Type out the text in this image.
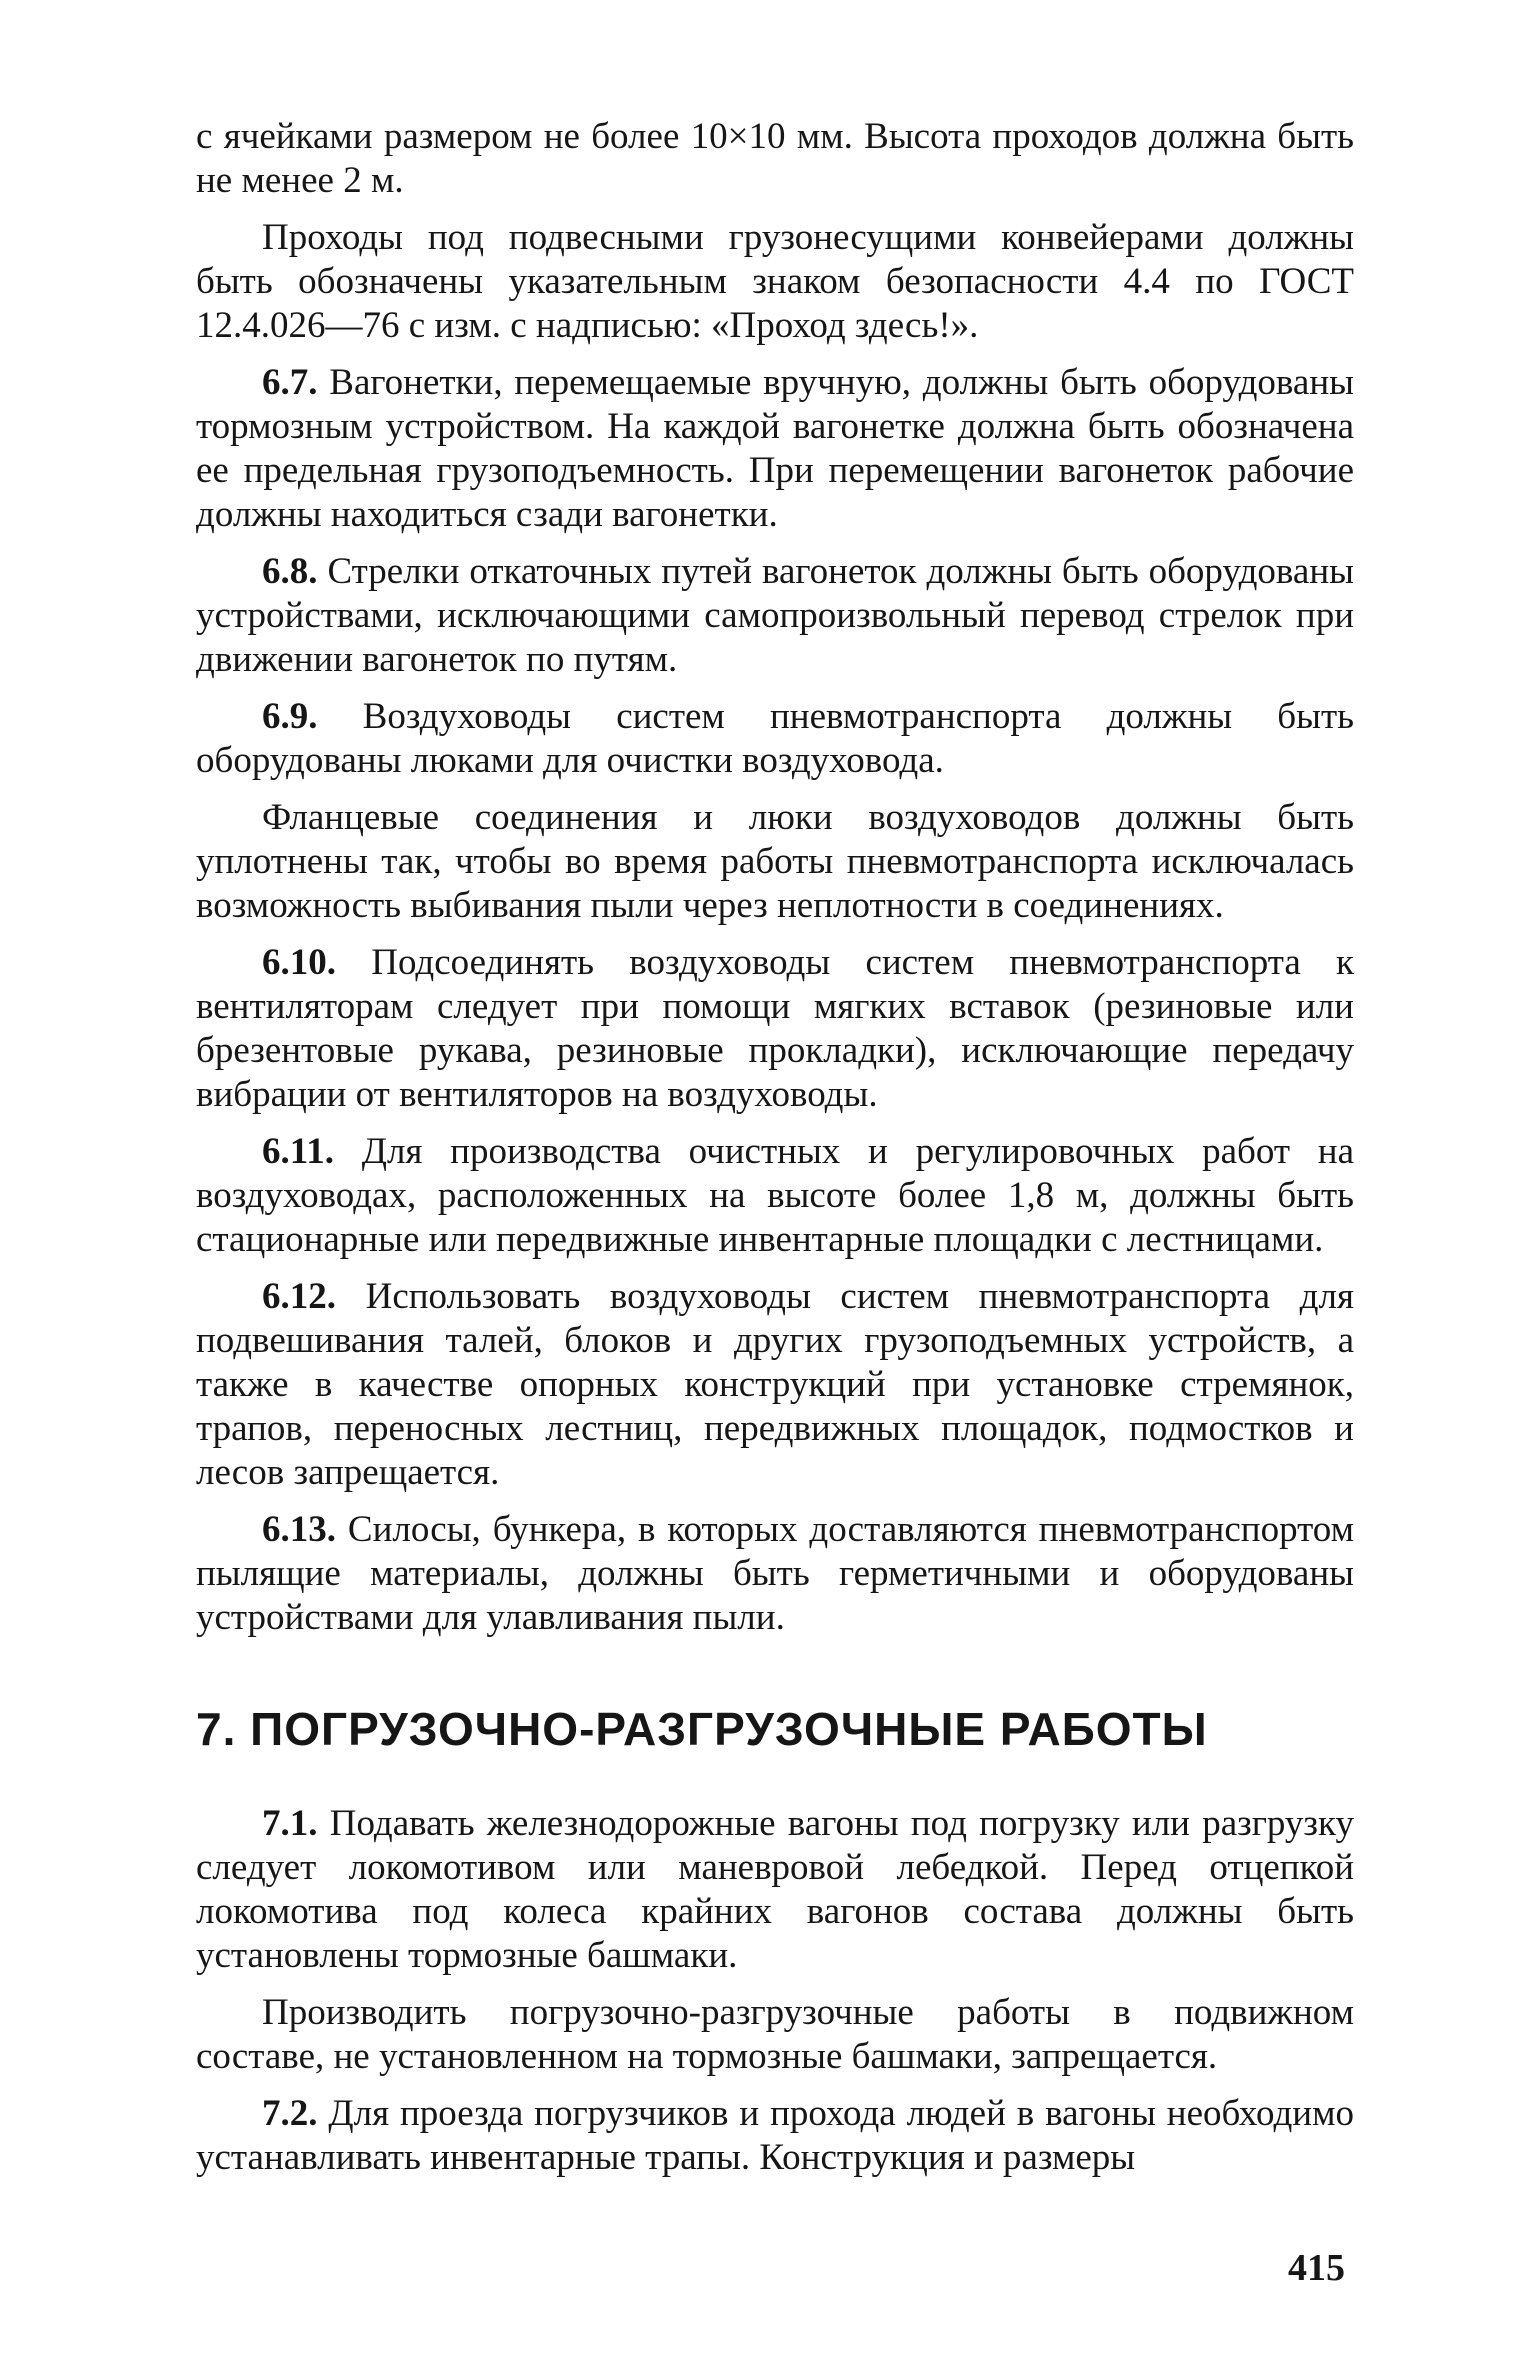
с ячейками размером не более 10×10 мм. Высота проходов должна быть не менее 2 м.

Проходы под подвесными грузонесущими конвейерами должны быть обозначены указательным знаком безопасности 4.4 по ГОСТ 12.4.026—76 с изм. с надписью: «Проход здесь!».

6.7. Вагонетки, перемещаемые вручную, должны быть оборудованы тормозным устройством. На каждой вагонетке должна быть обозначена ее предельная грузоподъемность. При перемещении вагонеток рабочие должны находиться сзади вагонетки.

6.8. Стрелки откаточных путей вагонеток должны быть оборудованы устройствами, исключающими самопроизвольный перевод стрелок при движении вагонеток по путям.

6.9. Воздуховоды систем пневмотранспорта должны быть оборудованы люками для очистки воздуховода.

Фланцевые соединения и люки воздуховодов должны быть уплотнены так, чтобы во время работы пневмотранспорта исключалась возможность выбивания пыли через неплотности в соединениях.

6.10. Подсоединять воздуховоды систем пневмотранспорта к вентиляторам следует при помощи мягких вставок (резиновые или брезентовые рукава, резиновые прокладки), исключающие передачу вибрации от вентиляторов на воздуховоды.

6.11. Для производства очистных и регулировочных работ на воздуховодах, расположенных на высоте более 1,8 м, должны быть стационарные или передвижные инвентарные площадки с лестницами.

6.12. Использовать воздуховоды систем пневмотранспорта для подвешивания талей, блоков и других грузоподъемных устройств, а также в качестве опорных конструкций при установке стремянок, трапов, переносных лестниц, передвижных площадок, подмостков и лесов запрещается.

6.13. Силосы, бункера, в которых доставляются пневмотранспортом пылящие материалы, должны быть герметичными и оборудованы устройствами для улавливания пыли.

7. ПОГРУЗОЧНО-РАЗГРУЗОЧНЫЕ РАБОТЫ

7.1. Подавать железнодорожные вагоны под погрузку или разгрузку следует локомотивом или маневровой лебедкой. Перед отцепкой локомотива под колеса крайних вагонов состава должны быть установлены тормозные башмаки.

Производить погрузочно-разгрузочные работы в подвижном составе, не установленном на тормозные башмаки, запрещается.

7.2. Для проезда погрузчиков и прохода людей в вагоны необходимо устанавливать инвентарные трапы. Конструкция и размеры

415
